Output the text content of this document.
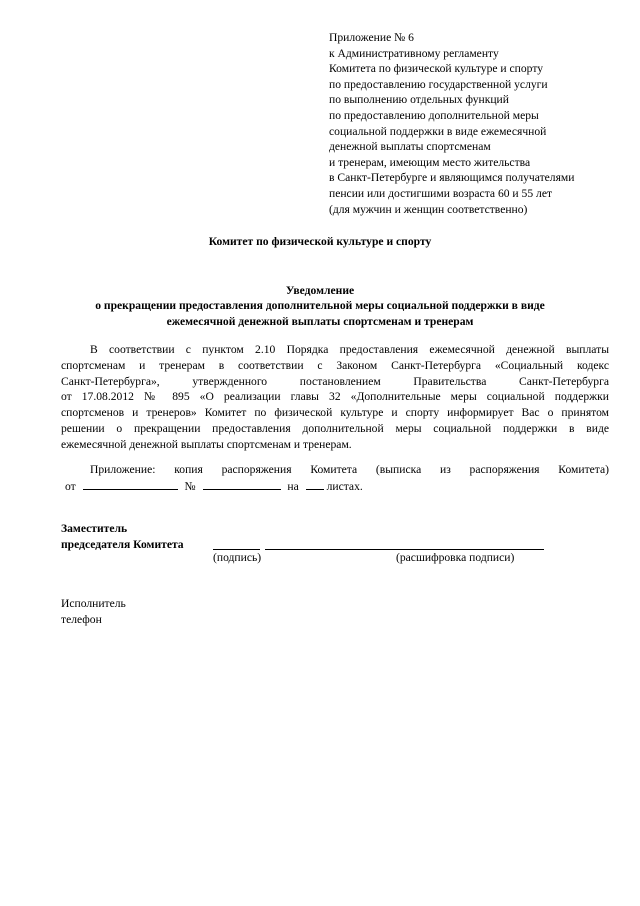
Приложение № 6
к Административному регламенту
Комитета по физической культуре и спорту
по предоставлению государственной услуги
по выполнению отдельных функций
по предоставлению дополнительной меры
социальной поддержки в виде ежемесячной
денежной выплаты спортсменам
и тренерам, имеющим место жительства
в Санкт-Петербурге и являющимся получателями
пенсии или достигшими возраста 60 и 55 лет
(для мужчин и женщин соответственно)
Комитет по физической культуре и спорту
Уведомление
о прекращении предоставления дополнительной меры социальной поддержки в виде
ежемесячной денежной выплаты спортсменам и тренерам
В соответствии с пунктом 2.10 Порядка предоставления ежемесячной денежной выплаты
спортсменам и тренерам в соответствии с Законом Санкт-Петербурга «Социальный кодекс
Санкт-Петербурга», утвержденного постановлением Правительства Санкт-Петербурга
от 17.08.2012 № 895 «О реализации главы 32 «Дополнительные меры социальной поддержки
спортсменов и тренеров» Комитет по физической культуре и спорту информирует Вас о принятом
решении о прекращении предоставления дополнительной меры социальной поддержки в виде
ежемесячной денежной выплаты спортсменам и тренерам.
Приложение: копия распоряжения Комитета (выписка из распоряжения Комитета)
от	№	на листах.
Заместитель
председателя Комитета
(подпись)	(расшифровка подписи)
Исполнитель
телефон
